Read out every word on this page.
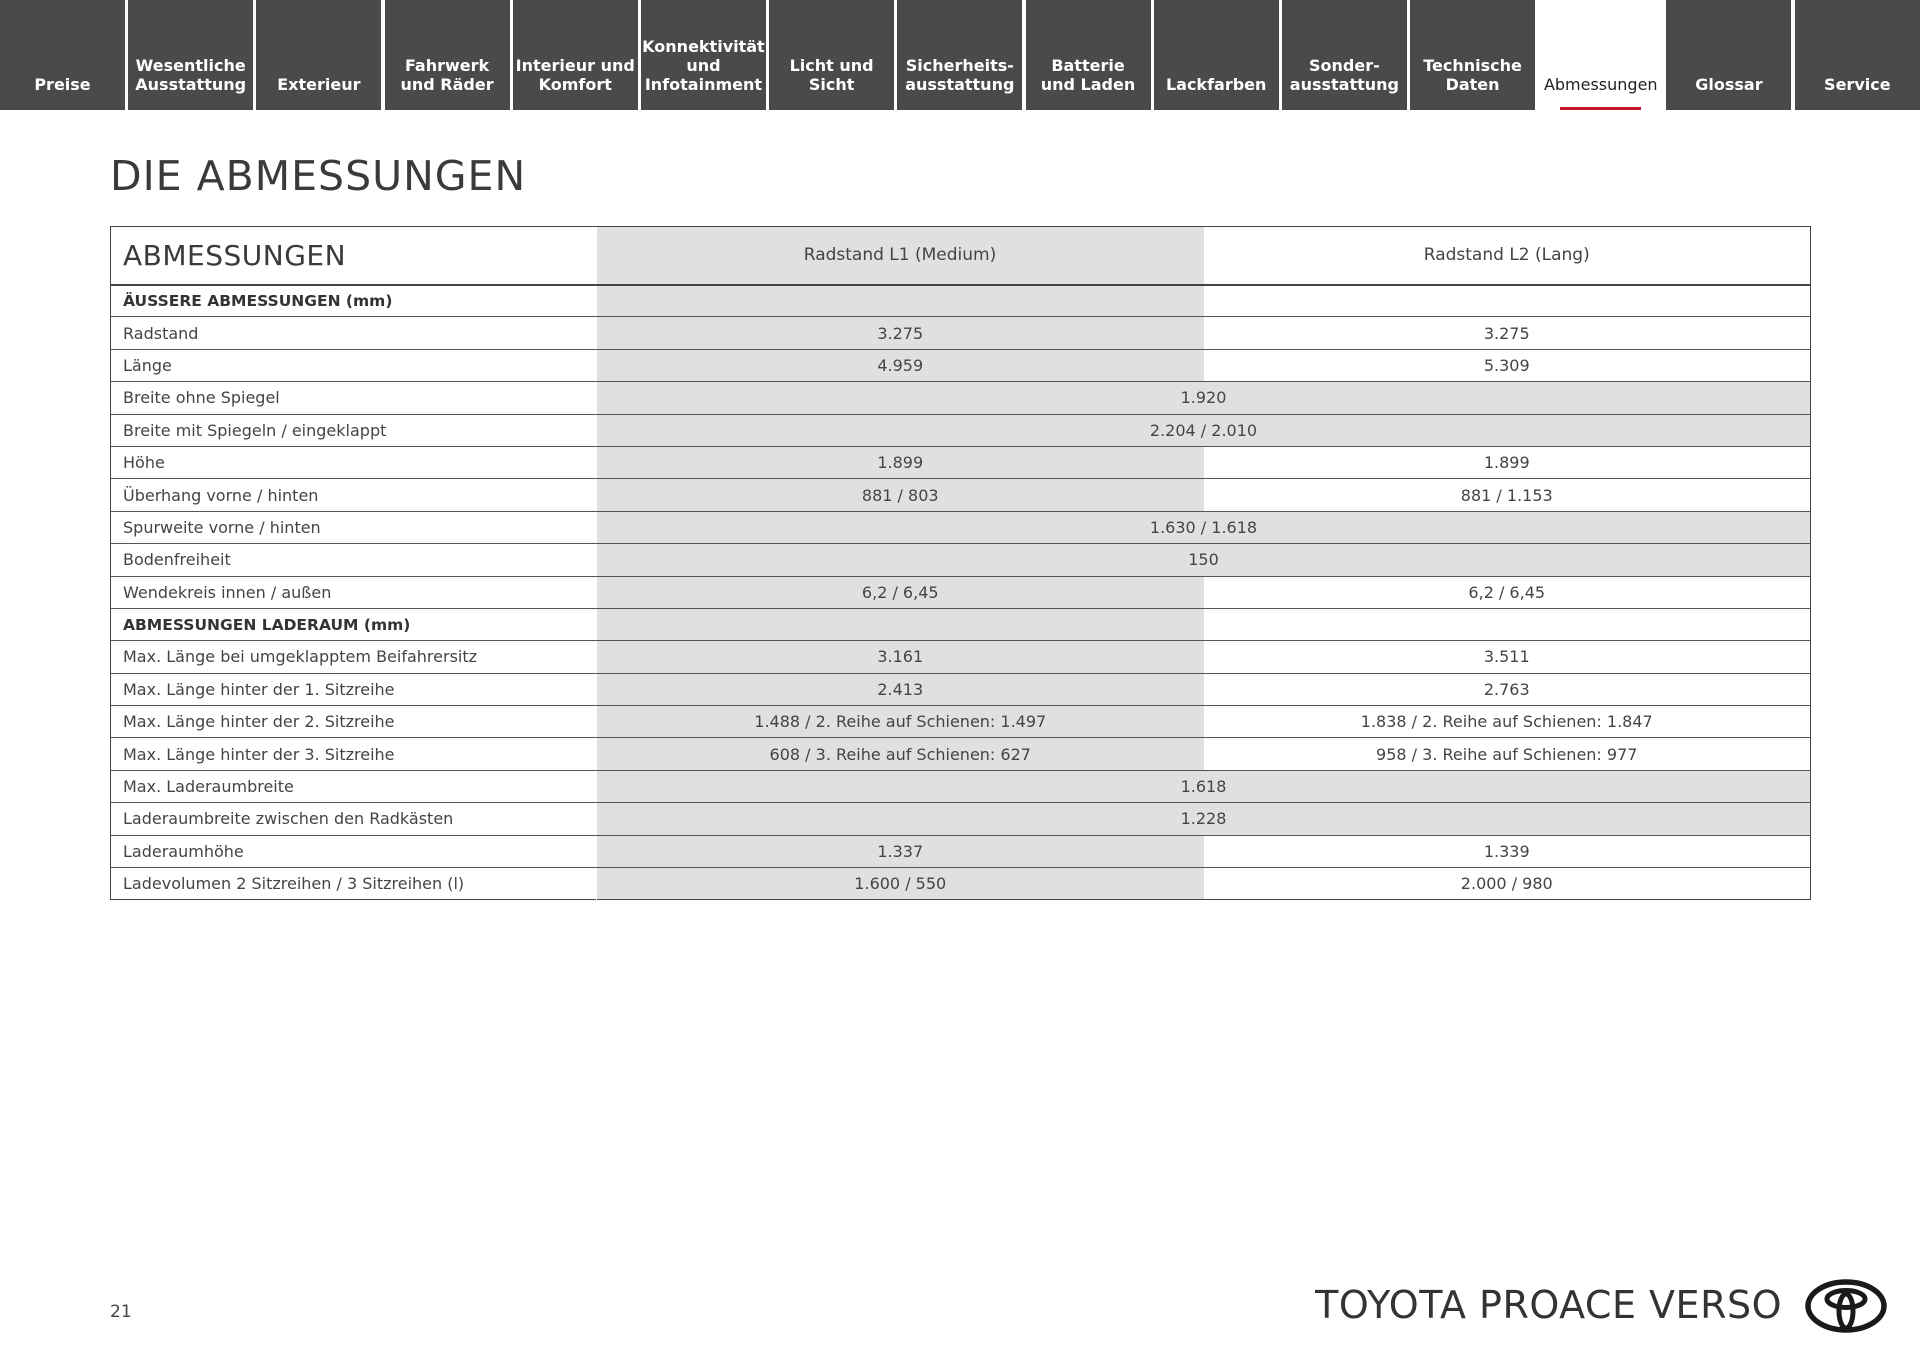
Preise
Wesentliche
Ausstattung	Exterieur
Fahrwerk
und Räder
Interieur und
Komfort
Konnektivität
und
Infotainment
Licht und Sicht
Sicherheits-
ausstattung
Batterie
und Laden	Lackfarben
Sonder-
ausstattung
Technische
Daten	Abmessungen	Glossar	Service
DIE ABMESSUNGEN
ABMESSUNGEN	Radstand L1 (Medium)	Radstand L2 (Lang)
ÄUSSERE ABMESSUNGEN (mm)		
Radstand	3.275	3.275
Länge	4.959	5.309
Breite ohne Spiegel	1.920	
Breite mit Spiegeln / eingeklappt	2.204 / 2.010	
Höhe	1.899	1.899
Überhang vorne / hinten	881 / 803	881 / 1.153
Spurweite vorne / hinten	1.630 / 1.618	
Bodenfreiheit	150	
Wendekreis innen / außen	6,2 / 6,45	6,2 / 6,45
ABMESSUNGEN LADERAUM (mm)		
Max. Länge bei umgeklapptem Beifahrersitz	3.161	3.511
Max. Länge hinter der 1. Sitzreihe	2.413	2.763
Max. Länge hinter der 2. Sitzreihe	1.488 / 2. Reihe auf Schienen: 1.497	1.838 / 2. Reihe auf Schienen: 1.847
Max. Länge hinter der 3. Sitzreihe	608 / 3. Reihe auf Schienen: 627	958 / 3. Reihe auf Schienen: 977
Max. Laderaumbreite	1.618	
Laderaumbreite zwischen den Radkästen	1.228	
Laderaumhöhe	1.337	1.339
Ladevolumen 2 Sitzreihen / 3 Sitzreihen (l)	1.600 / 550	2.000 / 980
21	TOYOTA PROACE VERSO
